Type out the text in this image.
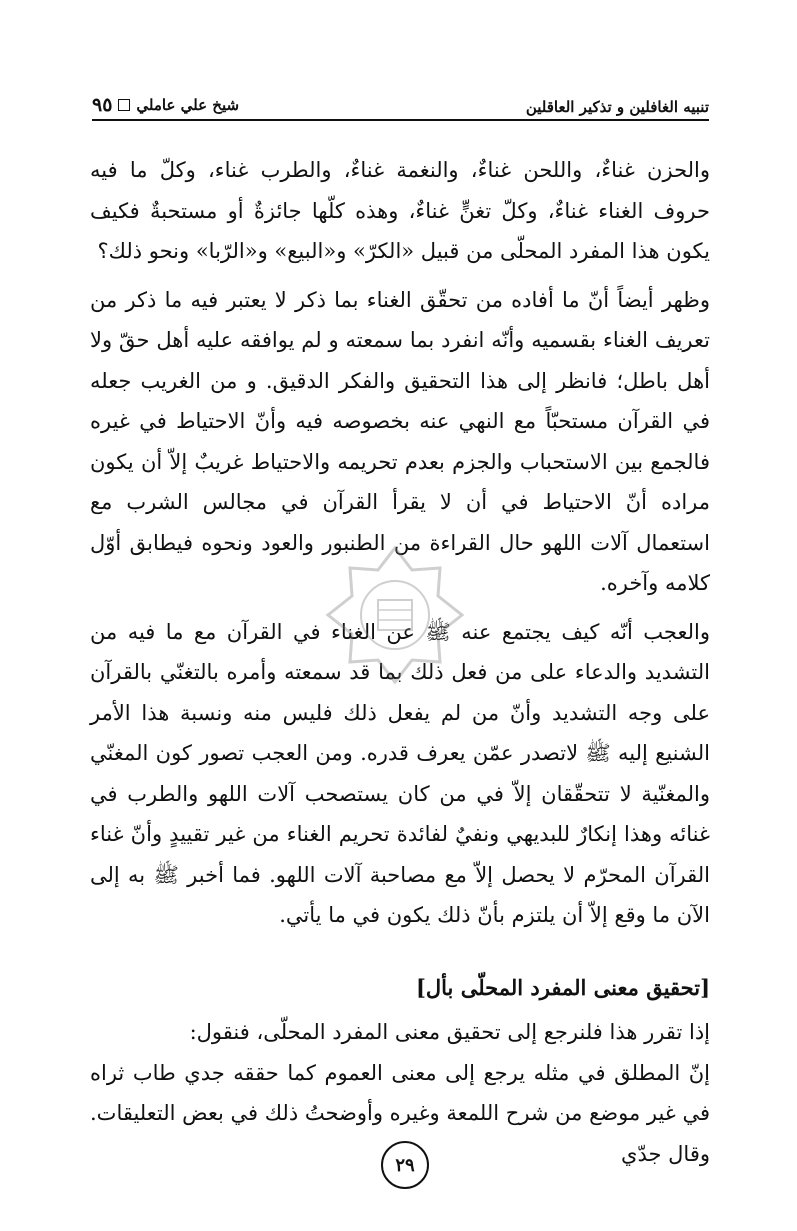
تنبيه الغافلين و تذكير العاقلين
شيخ علي عاملي
٩٥

والحزن غناءٌ، واللحن غناءٌ، والنغمة غناءٌ، والطرب غناء، وكلّ ما فيه حروف الغناء غناءٌ، وكلّ تغنٍّ غناءٌ، وهذه كلّها جائزةٌ أو مستحبةٌ فكيف يكون هذا المفرد المحلّى من قبيل «الكرّ» و«البيع» و«الرّبا» ونحو ذلك؟

وظهر أيضاً أنّ ما أفاده من تحقّق الغناء بما ذكر لا يعتبر فيه ما ذكر من تعريف الغناء بقسميه وأنّه انفرد بما سمعته و لم يوافقه عليه أهل حقّ ولا أهل باطل؛ فانظر إلى هذا التحقيق والفكر الدقيق. و من الغريب جعله في القرآن مستحبّاً مع النهي عنه بخصوصه فيه وأنّ الاحتياط في غيره فالجمع بين الاستحباب والجزم بعدم تحريمه والاحتياط غريبٌ إلاّ أن يكون مراده أنّ الاحتياط في أن لا يقرأ القرآن في مجالس الشرب مع استعمال آلات اللهو حال القراءة من الطنبور والعود ونحوه فيطابق أوّل كلامه وآخره.

والعجب أنّه كيف يجتمع عنه ﷺ عن الغناء في القرآن مع ما فيه من التشديد والدعاء على من فعل ذلك بما قد سمعته وأمره بالتغنّي بالقرآن على وجه التشديد وأنّ من لم يفعل ذلك فليس منه ونسبة هذا الأمر الشنيع إليه ﷺ لاتصدر عمّن يعرف قدره. ومن العجب تصور كون المغنّي والمغنّية لا تتحقّقان إلاّ في من كان يستصحب آلات اللهو والطرب في غنائه وهذا إنكارٌ للبديهي ونفيٌ لفائدة تحريم الغناء من غير تقييدٍ وأنّ غناء القرآن المحرّم لا يحصل إلاّ مع مصاحبة آلات اللهو. فما أخبر ﷺ به إلى الآن ما وقع إلاّ أن يلتزم بأنّ ذلك يكون في ما يأتي.

[تحقيق معنى المفرد المحلّى بأل]

إذا تقرر هذا فلنرجع إلى تحقيق معنى المفرد المحلّى، فنقول:

إنّ المطلق في مثله يرجع إلى معنى العموم كما حققه جدي طاب ثراه في غير موضع من شرح اللمعة وغيره وأوضحتُ ذلك في بعض التعليقات. وقال جدّي

٢٩
